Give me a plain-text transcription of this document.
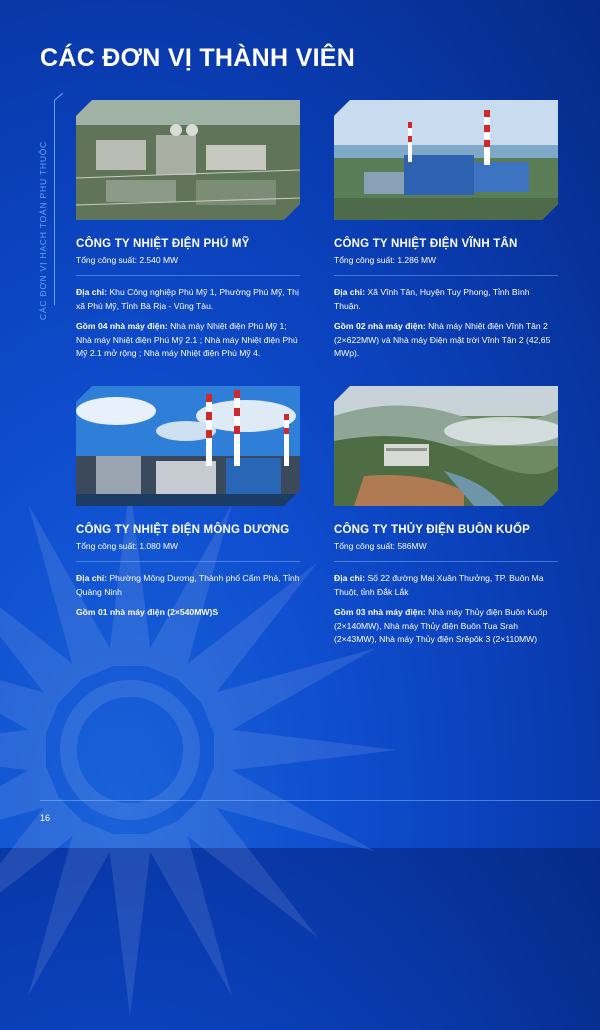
CÁC ĐƠN VỊ THÀNH VIÊN
CÁC ĐƠN VỊ HẠCH TOÁN PHỤ THUỘC CÔNG TY NHIỆT ĐIỆN PHÚ MỸ
Tổng công suất: 2.540 MW

Địa chỉ: Khu Công nghiệp Phú Mỹ 1, Phường Phú Mỹ, Thị xã Phú Mỹ, Tỉnh Bà Rịa - Vũng Tàu.

Gồm 04 nhà máy điện: Nhà máy Nhiệt điện Phú Mỹ 1; Nhà máy Nhiệt điện Phú Mỹ 2.1 ; Nhà máy Nhiệt điện Phú Mỹ 2.1 mở rộng ; Nhà máy Nhiệt điện Phú Mỹ 4.

CÔNG TY NHIỆT ĐIỆN VĨNH TÂN
Tổng công suất: 1.286 MW

Địa chỉ: Xã Vĩnh Tân, Huyện Tuy Phong, Tỉnh Bình Thuận.

Gồm 02 nhà máy điện: Nhà máy Nhiệt điện Vĩnh Tân 2 (2×622MW) và Nhà máy Điện mặt trời Vĩnh Tân 2 (42,65 MWp).

CÔNG TY NHIỆT ĐIỆN MÔNG DƯƠNG
Tổng công suất: 1.080 MW

Địa chỉ: Phường Mông Dương, Thành phố Cẩm Phả, Tỉnh Quảng Ninh

Gồm 01 nhà máy điện (2×540MW)S

CÔNG TY THỦY ĐIỆN BUÔN KUỐP
Tổng công suất: 586MW

Địa chỉ: Số 22 đường Mai Xuân Thưởng, TP. Buôn Ma Thuột, tỉnh Đắk Lắk

Gồm 03 nhà máy điện: Nhà máy Thủy điện Buôn Kuốp (2×140MW), Nhà máy Thủy điện Buôn Tua Srah (2×43MW), Nhà máy Thủy điện Srêpôk 3 (2×110MW)

16
